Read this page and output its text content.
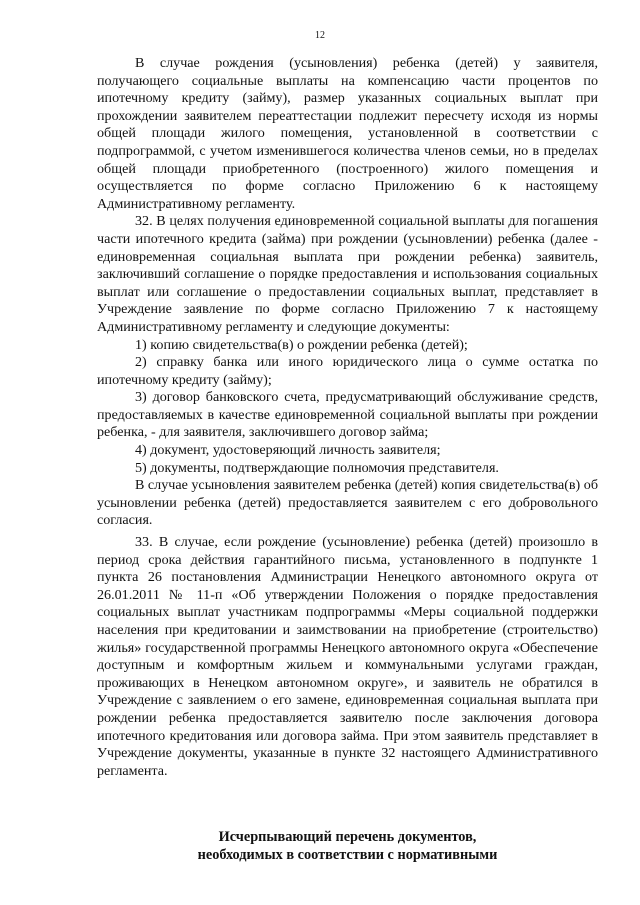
12

В случае рождения (усыновления) ребенка (детей) у заявителя, получающего социальные выплаты на компенсацию части процентов по ипотечному кредиту (займу), размер указанных социальных выплат при прохождении заявителем переаттестации подлежит пересчету исходя из нормы общей площади жилого помещения, установленной в соответствии с подпрограммой, с учетом изменившегося количества членов семьи, но в пределах общей площади приобретенного (построенного) жилого помещения и осуществляется по форме согласно Приложению 6 к настоящему Административному регламенту.

32. В целях получения единовременной социальной выплаты для погашения части ипотечного кредита (займа) при рождении (усыновлении) ребенка (далее - единовременная социальная выплата при рождении ребенка) заявитель, заключивший соглашение о порядке предоставления и использования социальных выплат или соглашение о предоставлении социальных выплат, представляет в Учреждение заявление по форме согласно Приложению 7 к настоящему Административному регламенту и следующие документы:

1) копию свидетельства(в) о рождении ребенка (детей);

2) справку банка или иного юридического лица о сумме остатка по ипотечному кредиту (займу);

3) договор банковского счета, предусматривающий обслуживание средств, предоставляемых в качестве единовременной социальной выплаты при рождении ребенка, - для заявителя, заключившего договор займа;

4) документ, удостоверяющий личность заявителя;

5) документы, подтверждающие полномочия представителя.

В случае усыновления заявителем ребенка (детей) копия свидетельства(в) об усыновлении ребенка (детей) предоставляется заявителем с его добровольного согласия.

33. В случае, если рождение (усыновление) ребенка (детей) произошло в период срока действия гарантийного письма, установленного в подпункте 1 пункта 26 постановления Администрации Ненецкого автономного округа от 26.01.2011 № 11-п «Об утверждении Положения о порядке предоставления социальных выплат участникам подпрограммы «Меры социальной поддержки населения при кредитовании и заимствовании на приобретение (строительство) жилья» государственной программы Ненецкого автономного округа «Обеспечение доступным и комфортным жильем и коммунальными услугами граждан, проживающих в Ненецком автономном округе», и заявитель не обратился в Учреждение с заявлением о его замене, единовременная социальная выплата при рождении ребенка предоставляется заявителю после заключения договора ипотечного кредитования или договора займа. При этом заявитель представляет в Учреждение документы, указанные в пункте 32 настоящего Административного регламента.

Исчерпывающий перечень документов,
необходимых в соответствии с нормативными
